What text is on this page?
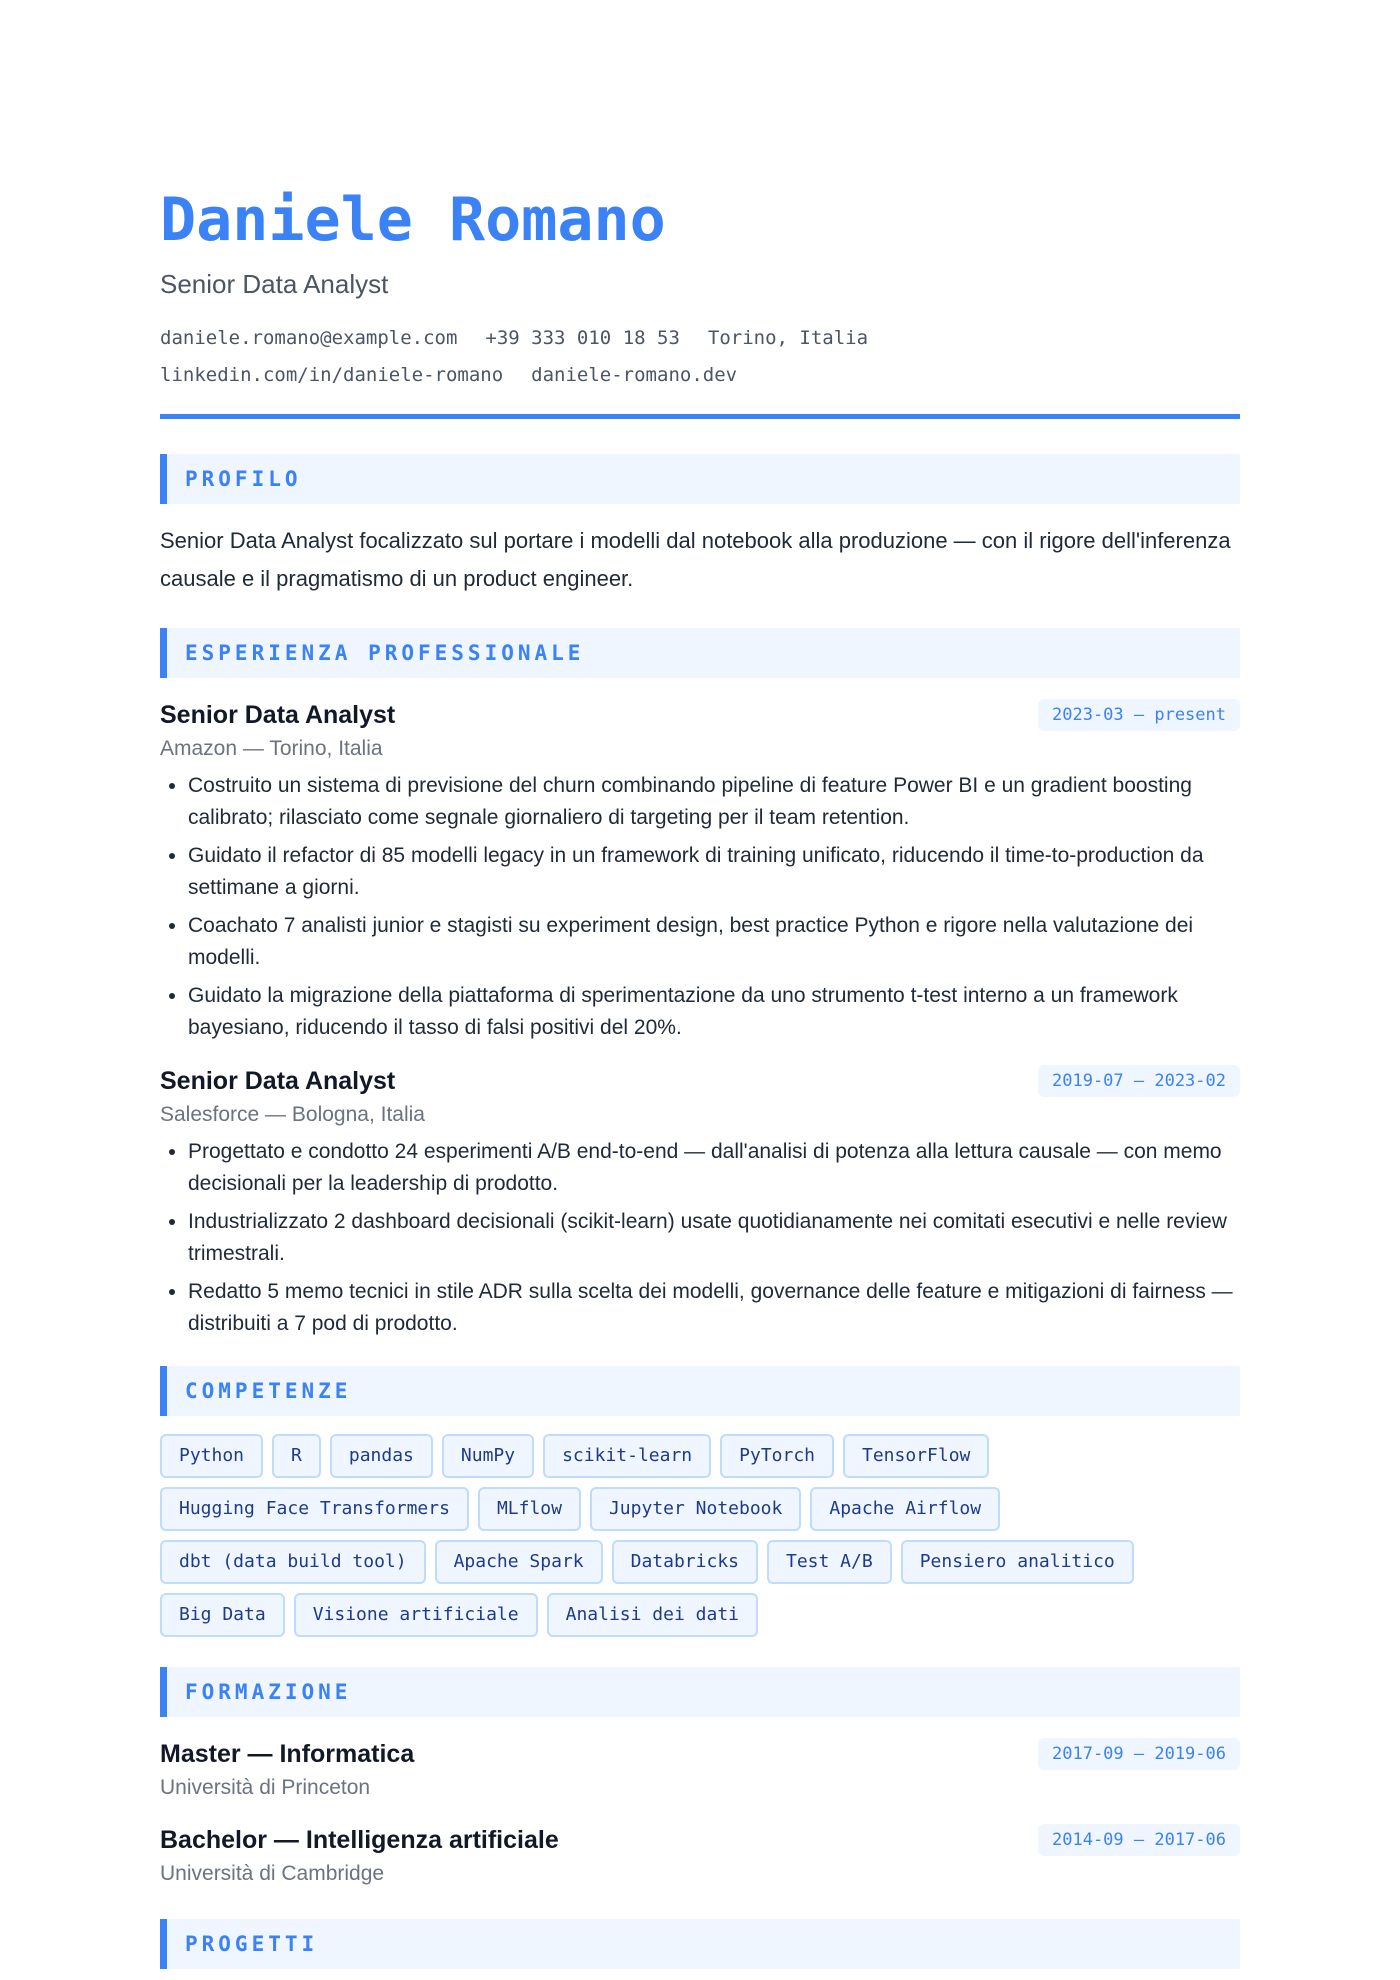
Daniele Romano
Senior Data Analyst
daniele.romano@example.com +39 333 010 18 53 Torino, Italia
linkedin.com/in/daniele-romano daniele-romano.dev
PROFILO
Senior Data Analyst focalizzato sul portare i modelli dal notebook alla produzione — con il rigore dell'inferenza causale e il pragmatismo di un product engineer.
ESPERIENZA PROFESSIONALE
Senior Data Analyst	2023-03 – present
Amazon — Torino, Italia
• Costruito un sistema di previsione del churn combinando pipeline di feature Power BI e un gradient boosting calibrato; rilasciato come segnale giornaliero di targeting per il team retention.
• Guidato il refactor di 85 modelli legacy in un framework di training unificato, riducendo il time-to-production da settimane a giorni.
• Coachato 7 analisti junior e stagisti su experiment design, best practice Python e rigore nella valutazione dei modelli.
• Guidato la migrazione della piattaforma di sperimentazione da uno strumento t-test interno a un framework bayesiano, riducendo il tasso di falsi positivi del 20%.
Senior Data Analyst	2019-07 – 2023-02
Salesforce — Bologna, Italia
• Progettato e condotto 24 esperimenti A/B end-to-end — dall'analisi di potenza alla lettura causale — con memo decisionali per la leadership di prodotto.
• Industrializzato 2 dashboard decisionali (scikit-learn) usate quotidianamente nei comitati esecutivi e nelle review trimestrali.
• Redatto 5 memo tecnici in stile ADR sulla scelta dei modelli, governance delle feature e mitigazioni di fairness — distribuiti a 7 pod di prodotto.
COMPETENZE
Python	R	pandas	NumPy	scikit-learn	PyTorch	TensorFlow
Hugging Face Transformers	MLflow	Jupyter Notebook	Apache Airflow
dbt (data build tool)	Apache Spark	Databricks	Test A/B	Pensiero analitico
Big Data	Visione artificiale	Analisi dei dati
FORMAZIONE
Master — Informatica	2017-09 – 2019-06
Università di Princeton
Bachelor — Intelligenza artificiale	2014-09 – 2017-06
Università di Cambridge
PROGETTI
